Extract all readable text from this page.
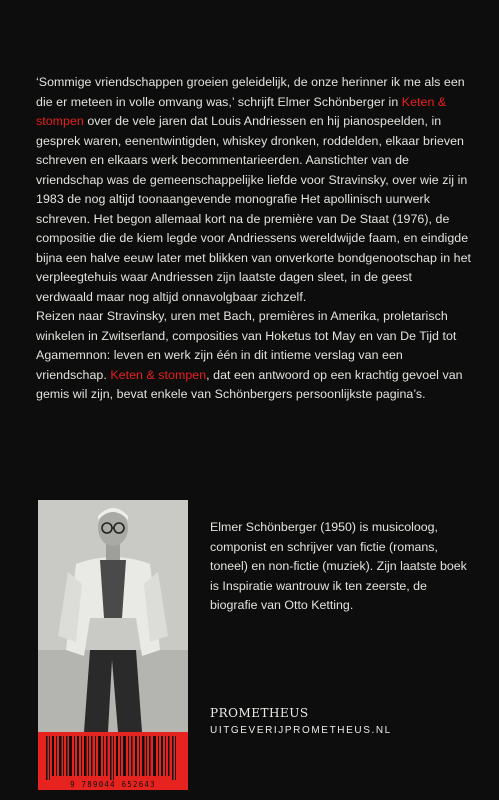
‘Sommige vriendschappen groeien geleidelijk, de onze herinner ik me als een die er meteen in volle omvang was,’ schrijft Elmer Schönberger in Keten & stompen over de vele jaren dat Louis Andriessen en hij pianospeelden, in gesprek waren, eenentwintigden, whiskey dronken, roddelden, elkaar brieven schreven en elkaars werk becommentarieerden. Aanstichter van de vriendschap was de gemeenschappelijke liefde voor Stravinsky, over wie zij in 1983 de nog altijd toonaangevende monografie Het apollinisch uurwerk schreven. Het begon allemaal kort na de première van De Staat (1976), de compositie die de kiem legde voor Andriessens wereldwijde faam, en eindigde bijna een halve eeuw later met blikken van onverkorte bondgenootschap in het verpleegtehuis waar Andriessen zijn laatste dagen sleet, in de geest verdwaald maar nog altijd onnavolgbaar zichzelf.

Reizen naar Stravinsky, uren met Bach, premières in Amerika, proletarisch winkelen in Zwitserland, composities van Hoketus tot May en van De Tijd tot Agamemnon: leven en werk zijn één in dit intieme verslag van een vriendschap. Keten & stompen, dat een antwoord op een krachtig gevoel van gemis wil zijn, bevat enkele van Schönbergers persoonlijkste pagina’s.

9 789044 652643
Elmer Schönberger (1950) is musicoloog, componist en schrijver van fictie (romans, toneel) en non-fictie (muziek). Zijn laatste boek is Inspiratie wantrouw ik ten zeerste, de biografie van Otto Ketting.
PROMETHEUS
UITGEVERIJPROMETHEUS.NL
